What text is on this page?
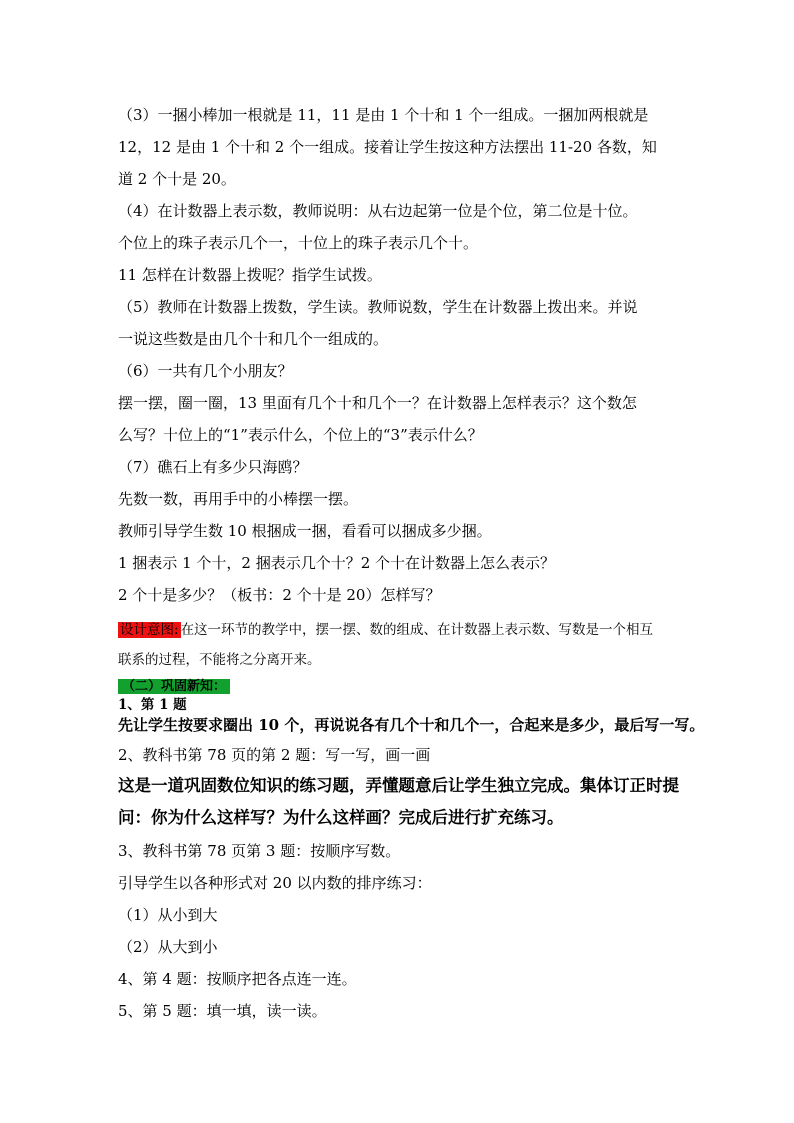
（3）一捆小棒加一根就是 11，11 是由 1 个十和 1 个一组成。一捆加两根就是
12，12 是由 1 个十和 2 个一组成。接着让学生按这种方法摆出 11-20 各数，知
道 2 个十是 20。
（4）在计数器上表示数，教师说明：从右边起第一位是个位，第二位是十位。
个位上的珠子表示几个一，十位上的珠子表示几个十。
11 怎样在计数器上拨呢？指学生试拨。
（5）教师在计数器上拨数，学生读。教师说数，学生在计数器上拨出来。并说
一说这些数是由几个十和几个一组成的。
（6）一共有几个小朋友？
摆一摆，圈一圈，13 里面有几个十和几个一？在计数器上怎样表示？这个数怎
么写？十位上的“1”表示什么，个位上的“3”表示什么？
（7）礁石上有多少只海鸥？
先数一数，再用手中的小棒摆一摆。
教师引导学生数 10 根捆成一捆，看看可以捆成多少捆。
1 捆表示 1 个十，2 捆表示几个十？2 个十在计数器上怎么表示？
2 个十是多少？（板书：2 个十是 20）怎样写？
设计意图: 在这一环节的教学中，摆一摆、数的组成、在计数器上表示数、写数是一个相互
联系的过程，不能将之分离开来。
（二）巩固新知：
1、第 1 题
先让学生按要求圈出 10 个，再说说各有几个十和几个一，合起来是多少，最后写一写。
2、教科书第 78 页的第 2 题：写一写，画一画
这是一道巩固数位知识的练习题，弄懂题意后让学生独立完成。集体订正时提
问：你为什么这样写？为什么这样画？完成后进行扩充练习。
3、教科书第 78 页第 3 题：按顺序写数。
引导学生以各种形式对 20 以内数的排序练习：
（1）从小到大
（2）从大到小
4、第 4 题：按顺序把各点连一连。
5、第 5 题：填一填，读一读。
